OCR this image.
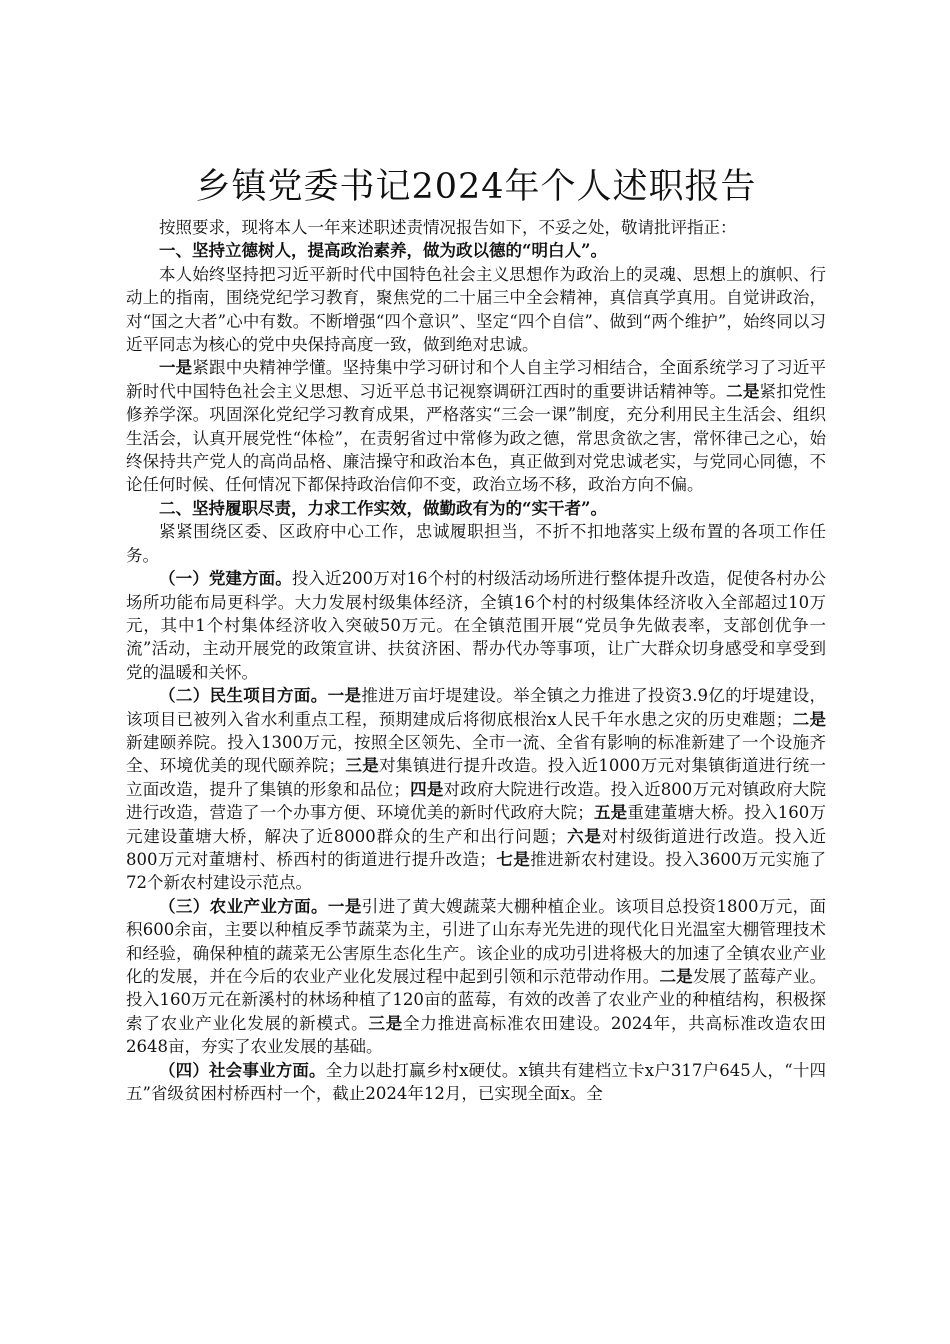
乡镇党委书记2024年个人述职报告

按照要求，现将本人一年来述职述责情况报告如下，不妥之处，敬请批评指正：

一、坚持立德树人，提高政治素养，做为政以德的“明白人”。

本人始终坚持把习近平新时代中国特色社会主义思想作为政治上的灵魂、思想上的旗帜、行动上的指南，围绕党纪学习教育，聚焦党的二十届三中全会精神，真信真学真用。自觉讲政治，对“国之大者”心中有数。不断增强“四个意识”、坚定“四个自信”、做到“两个维护”，始终同以习近平同志为核心的党中央保持高度一致，做到绝对忠诚。

一是紧跟中央精神学懂。坚持集中学习研讨和个人自主学习相结合，全面系统学习了习近平新时代中国特色社会主义思想、习近平总书记视察调研江西时的重要讲话精神等。二是紧扣党性修养学深。巩固深化党纪学习教育成果，严格落实“三会一课”制度，充分利用民主生活会、组织生活会，认真开展党性“体检”，在责躬省过中常修为政之德，常思贪欲之害，常怀律己之心，始终保持共产党人的高尚品格、廉洁操守和政治本色，真正做到对党忠诚老实，与党同心同德，不论任何时候、任何情况下都保持政治信仰不变，政治立场不移，政治方向不偏。

二、坚持履职尽责，力求工作实效，做勤政有为的“实干者”。

紧紧围绕区委、区政府中心工作，忠诚履职担当，不折不扣地落实上级布置的各项工作任务。

（一）党建方面。投入近200万对16个村的村级活动场所进行整体提升改造，促使各村办公场所功能布局更科学。大力发展村级集体经济，全镇16个村的村级集体经济收入全部超过10万元，其中1个村集体经济收入突破50万元。在全镇范围开展“党员争先做表率，支部创优争一流”活动，主动开展党的政策宣讲、扶贫济困、帮办代办等事项，让广大群众切身感受和享受到党的温暖和关怀。

（二）民生项目方面。一是推进万亩圩堤建设。举全镇之力推进了投资3.9亿的圩堤建设，该项目已被列入省水利重点工程，预期建成后将彻底根治x人民千年水患之灾的历史难题；二是新建颐养院。投入1300万元，按照全区领先、全市一流、全省有影响的标准新建了一个设施齐全、环境优美的现代颐养院；三是对集镇进行提升改造。投入近1000万元对集镇街道进行统一立面改造，提升了集镇的形象和品位；四是对政府大院进行改造。投入近800万元对镇政府大院进行改造，营造了一个办事方便、环境优美的新时代政府大院；五是重建董塘大桥。投入160万元建设董塘大桥，解决了近8000群众的生产和出行问题；六是对村级街道进行改造。投入近800万元对董塘村、桥西村的街道进行提升改造；七是推进新农村建设。投入3600万元实施了72个新农村建设示范点。

（三）农业产业方面。一是引进了黄大嫂蔬菜大棚种植企业。该项目总投资1800万元，面积600余亩，主要以种植反季节蔬菜为主，引进了山东寿光先进的现代化日光温室大棚管理技术和经验，确保种植的蔬菜无公害原生态化生产。该企业的成功引进将极大的加速了全镇农业产业化的发展，并在今后的农业产业化发展过程中起到引领和示范带动作用。二是发展了蓝莓产业。投入160万元在新溪村的林场种植了120亩的蓝莓，有效的改善了农业产业的种植结构，积极探索了农业产业化发展的新模式。三是全力推进高标准农田建设。2024年，共高标准改造农田2648亩，夯实了农业发展的基础。

（四）社会事业方面。全力以赴打赢乡村x硬仗。x镇共有建档立卡x户317户645人，“十四五”省级贫困村桥西村一个，截止2024年12月，已实现全面x。全
